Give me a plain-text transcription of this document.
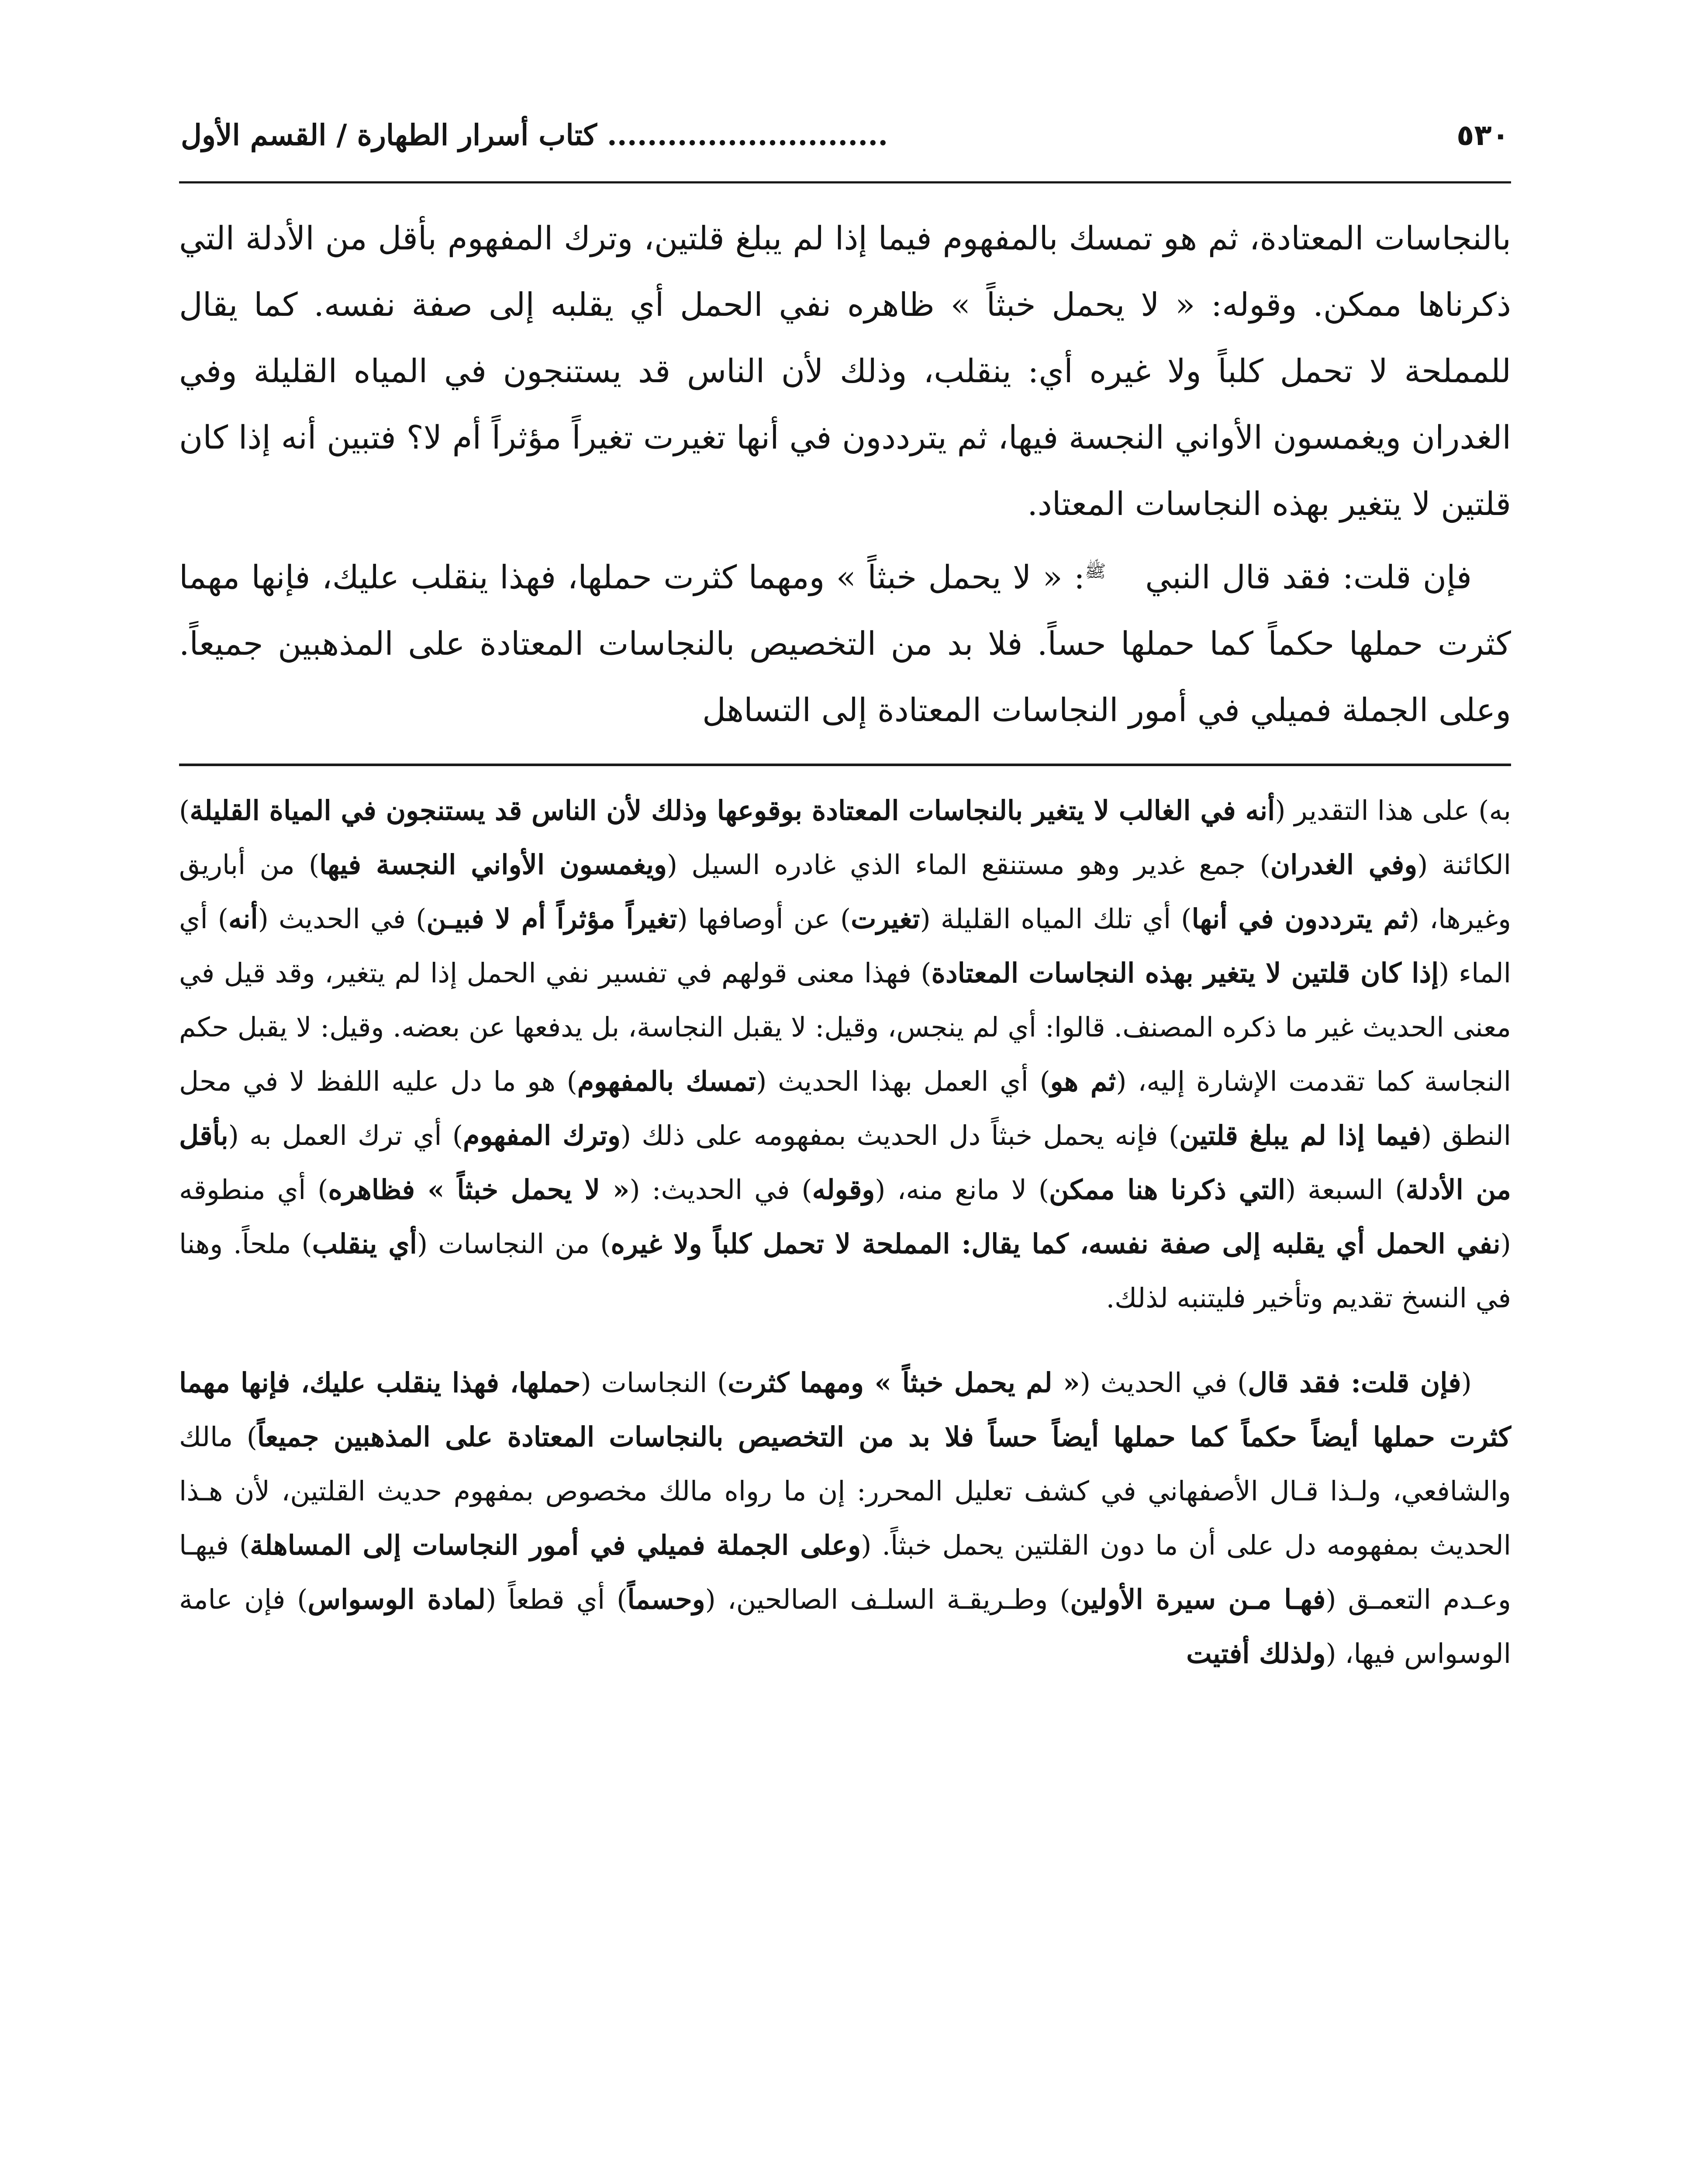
٥٣٠
............................ كتاب أسرار الطهارة / القسم الأول

بالنجاسات المعتادة، ثم هو تمسك بالمفهوم فيما إذا لم يبلغ قلتين، وترك المفهوم بأقل من الأدلة التي ذكرناها ممكن. وقوله: « لا يحمل خبثاً » ظاهره نفي الحمل أي يقلبه إلى صفة نفسه. كما يقال للمملحة لا تحمل كلباً ولا غيره أي: ينقلب، وذلك لأن الناس قد يستنجون في المياه القليلة وفي الغدران ويغمسون الأواني النجسة فيها، ثم يترددون في أنها تغيرت تغيراً مؤثراً أم لا؟ فتبين أنه إذا كان قلتين لا يتغير بهذه النجاسات المعتاد.

فإن قلت: فقد قال النبيﷺ: « لا يحمل خبثاً » ومهما كثرت حملها، فهذا ينقلب عليك، فإنها مهما كثرت حملها حكماً كما حملها حساً. فلا بد من التخصيص بالنجاسات المعتادة على المذهبين جميعاً. وعلى الجملة فميلي في أمور النجاسات المعتادة إلى التساهل

به) على هذا التقدير (أنه في الغالب لا يتغير بالنجاسات المعتادة بوقوعها وذلك لأن الناس قد يستنجون في المياة القليلة) الكائنة (وفي الغدران) جمع غدير وهو مستنقع الماء الذي غادره السيل (ويغمسون الأواني النجسة فيها) من أباريق وغيرها، (ثم يترددون في أنها) أي تلك المياه القليلة (تغيرت) عن أوصافها (تغيراً مؤثراً أم لا فبيـن) في الحديث (أنه) أي الماء (إذا كان قلتين لا يتغير بهذه النجاسات المعتادة) فهذا معنى قولهم في تفسير نفي الحمل إذا لم يتغير، وقد قيل في معنى الحديث غير ما ذكره المصنف. قالوا: أي لم ينجس، وقيل: لا يقبل النجاسة، بل يدفعها عن بعضه. وقيل: لا يقبل حكم النجاسة كما تقدمت الإشارة إليه، (ثم هو) أي العمل بهذا الحديث (تمسك بالمفهوم) هو ما دل عليه اللفظ لا في محل النطق (فيما إذا لم يبلغ قلتين) فإنه يحمل خبثاً دل الحديث بمفهومه على ذلك (وترك المفهوم) أي ترك العمل به (بأقل من الأدلة) السبعة (التي ذكرنا هنا ممكن) لا مانع منه، (وقوله) في الحديث: (« لا يحمل خبثاً » فظاهره) أي منطوقه (نفي الحمل أي يقلبه إلى صفة نفسه، كما يقال: المملحة لا تحمل كلباً ولا غيره) من النجاسات (أي ينقلب) ملحاً. وهنا في النسخ تقديم وتأخير فليتنبه لذلك.

(فإن قلت: فقد قال) في الحديث (« لم يحمل خبثاً » ومهما كثرت) النجاسات (حملها، فهذا ينقلب عليك، فإنها مهما كثرت حملها أيضاً حكماً كما حملها أيضاً حساً فلا بد من التخصيص بالنجاسات المعتادة على المذهبين جميعاً) مالك والشافعي، ولـذا قـال الأصفهاني في كشف تعليل المحرر: إن ما رواه مالك مخصوص بمفهوم حديث القلتين، لأن هـذا الحديث بمفهومه دل على أن ما دون القلتين يحمل خبثاً. (وعلى الجملة فميلي في أمور النجاسات إلى المساهلة) فيهـا وعـدم التعمـق (فهـا مـن سيرة الأولين) وطـريقـة السلـف الصالحين، (وحسماً) أي قطعاً (لمادة الوسواس) فإن عامة الوسواس فيها، (ولذلك أفتيت
